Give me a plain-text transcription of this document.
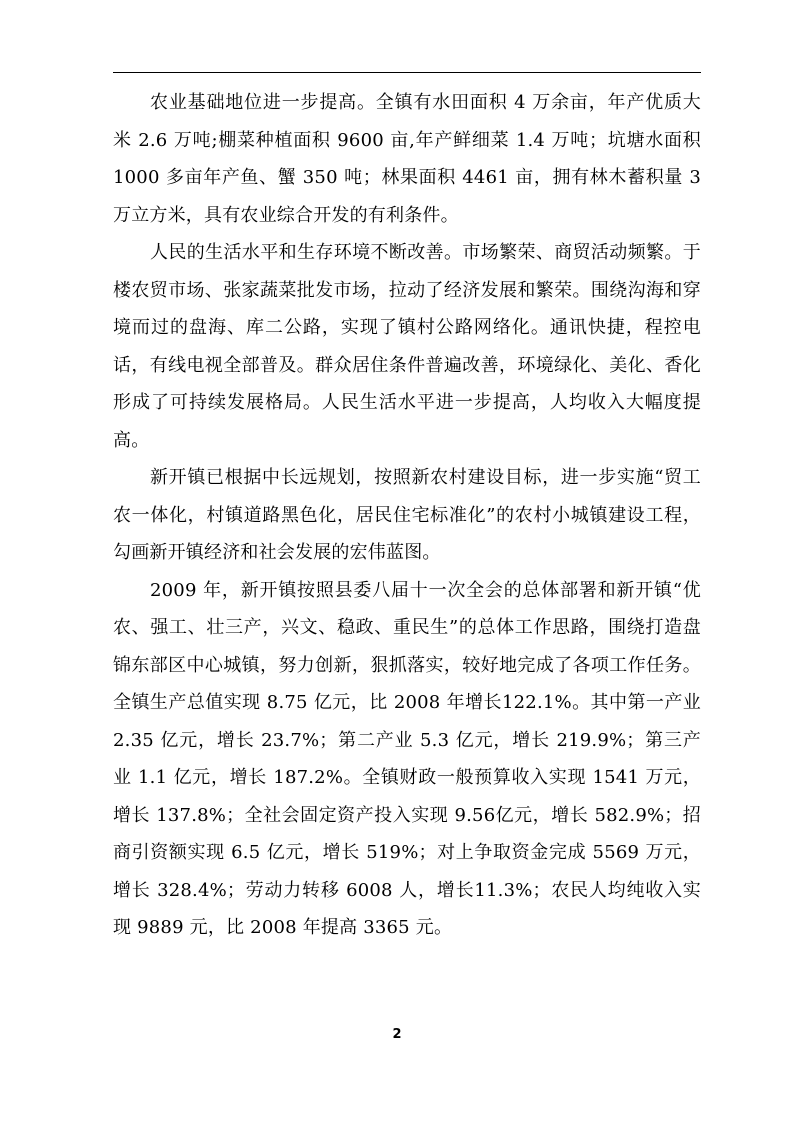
农业基础地位进一步提高。全镇有水田面积 4 万余亩，年产优质大米 2.6 万吨;棚菜种植面积 9600 亩,年产鲜细菜 1.4 万吨；坑塘水面积 1000 多亩年产鱼、蟹 350 吨；林果面积 4461 亩，拥有林木蓄积量 3 万立方米，具有农业综合开发的有利条件。

人民的生活水平和生存环境不断改善。市场繁荣、商贸活动频繁。于楼农贸市场、张家蔬菜批发市场，拉动了经济发展和繁荣。围绕沟海和穿境而过的盘海、库二公路，实现了镇村公路网络化。通讯快捷，程控电话，有线电视全部普及。群众居住条件普遍改善，环境绿化、美化、香化形成了可持续发展格局。人民生活水平进一步提高，人均收入大幅度提高。

新开镇已根据中长远规划，按照新农村建设目标，进一步实施“贸工农一体化，村镇道路黑色化，居民住宅标准化”的农村小城镇建设工程，勾画新开镇经济和社会发展的宏伟蓝图。

2009 年，新开镇按照县委八届十一次全会的总体部署和新开镇“优农、强工、壮三产，兴文、稳政、重民生”的总体工作思路，围绕打造盘锦东部区中心城镇，努力创新，狠抓落实，较好地完成了各项工作任务。全镇生产总值实现 8.75 亿元，比 2008 年增长122.1%。其中第一产业 2.35 亿元，增长 23.7%；第二产业 5.3 亿元，增长 219.9%；第三产业 1.1 亿元，增长 187.2%。全镇财政一般预算收入实现 1541 万元，增长 137.8%；全社会固定资产投入实现 9.56亿元，增长 582.9%；招商引资额实现 6.5 亿元，增长 519%；对上争取资金完成 5569 万元，增长 328.4%；劳动力转移 6008 人，增长11.3%；农民人均纯收入实现 9889 元，比 2008 年提高 3365 元。

2
